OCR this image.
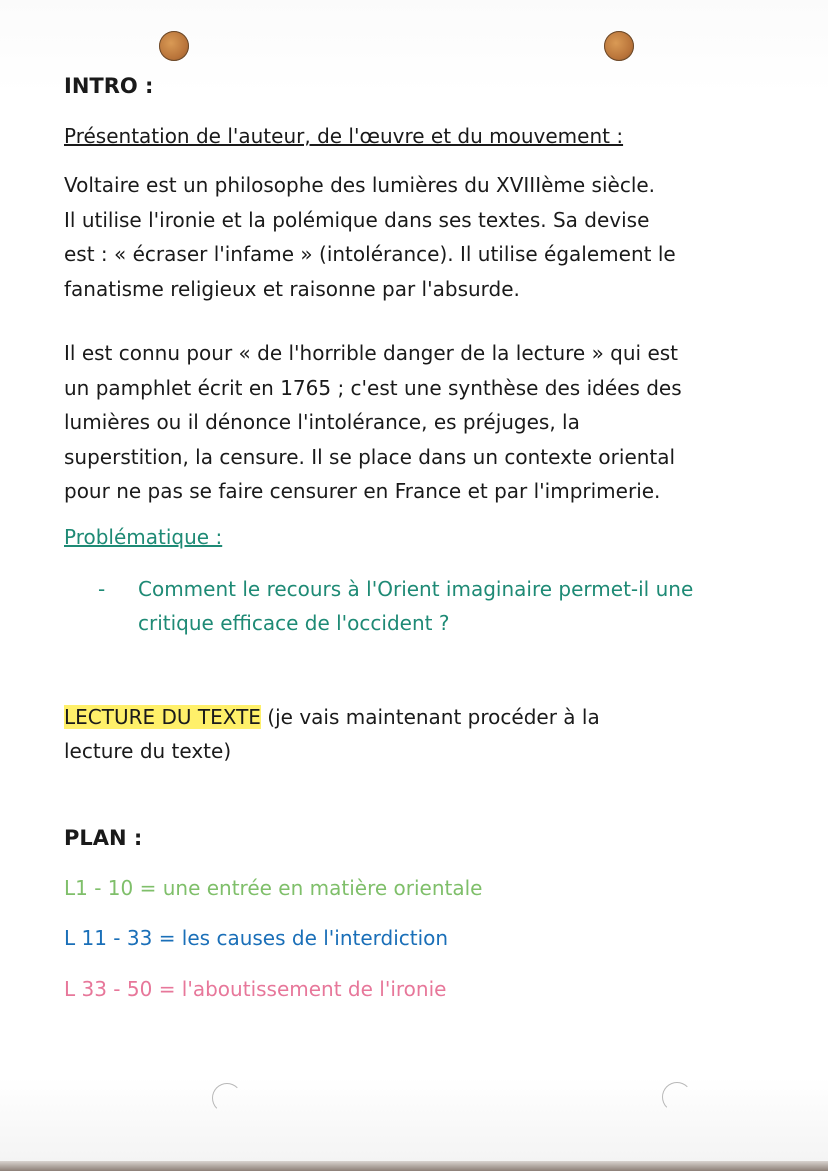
INTRO :
Présentation de l'auteur, de l'œuvre et du mouvement :
Voltaire est un philosophe des lumières du XVIIIème siècle.
Il utilise l'ironie et la polémique dans ses textes. Sa devise
est : « écraser l'infame » (intolérance). Il utilise également le
fanatisme religieux et raisonne par l'absurde.
Il est connu pour « de l'horrible danger de la lecture » qui est
un pamphlet écrit en 1765 ; c'est une synthèse des idées des
lumières ou il dénonce l'intolérance, es préjuges, la
superstition, la censure. Il se place dans un contexte oriental
pour ne pas se faire censurer en France et par l'imprimerie.
Problématique :
- Comment le recours à l'Orient imaginaire permet-il une
critique efficace de l'occident ?
LECTURE DU TEXTE (je vais maintenant procéder à la
lecture du texte)
PLAN :
L1 - 10 = une entrée en matière orientale
L 11 - 33 = les causes de l'interdiction
L 33 - 50 = l'aboutissement de l'ironie
